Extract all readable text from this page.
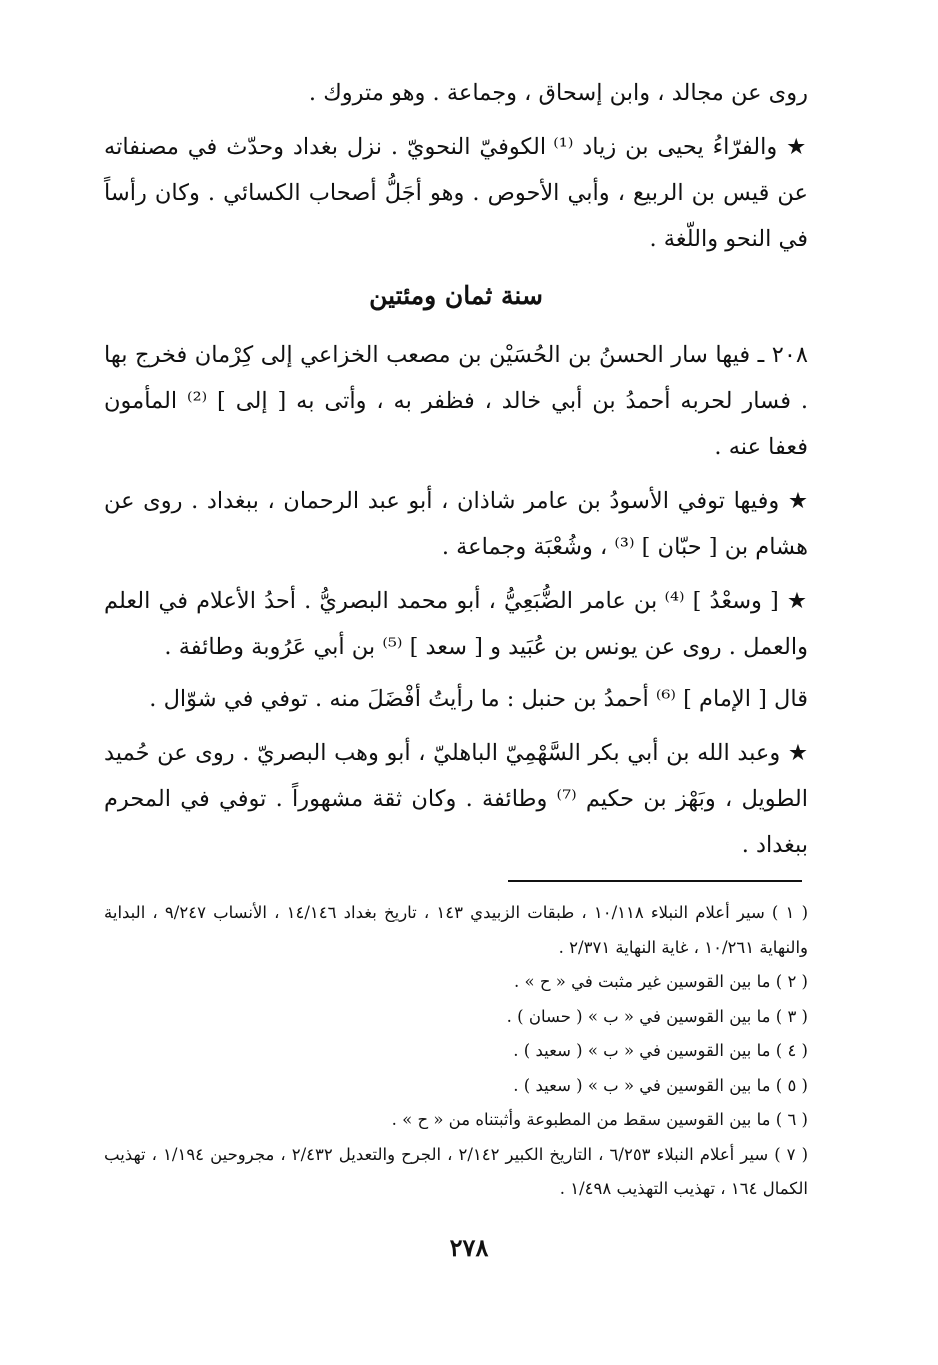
روى عن مجالد ، وابن إسحاق ، وجماعة . وهو متروك .

★ والفرّاءُ يحيى بن زياد ⁽¹⁾ الكوفيّ النحويّ . نزل بغداد وحدّث في مصنفاته عن قيس بن الربيع ، وأبي الأحوص . وهو أجَلُّ أصحاب الكسائي . وكان رأساً في النحو واللّغة .

سنة ثمان ومئتين

٢٠٨ ـ فيها سار الحسنُ بن الحُسَيْن بن مصعب الخزاعي إلى كِرْمان فخرج بها . فسار لحربه أحمدُ بن أبي خالد ، فظفر به ، وأتى به [ إلى ] ⁽²⁾ المأمون فعفا عنه .

★ وفيها توفي الأسودُ بن عامر شاذان ، أبو عبد الرحمان ، ببغداد . روى عن هشام بن [ حبّان ] ⁽³⁾ ، وشُعْبَة وجماعة .

★ [ وسعْدُ ] ⁽⁴⁾ بن عامر الضُّبَعِيُّ ، أبو محمد البصريُّ . أحدُ الأعلام في العلم والعمل . روى عن يونس بن عُبَيد و [ سعد ] ⁽⁵⁾ بن أبي عَرُوبة وطائفة .

قال [ الإمام ] ⁽⁶⁾ أحمدُ بن حنبل : ما رأيتُ أفْضَلَ منه . توفي في شوّال .

★ وعبد الله بن أبي بكر السَّهْمِيّ الباهليّ ، أبو وهب البصريّ . روى عن حُميد الطويل ، وبَهْز بن حكيم ⁽⁷⁾ وطائفة . وكان ثقة مشهوراً . توفي في المحرم ببغداد .

( ١ ) سير أعلام النبلاء ١٠/١١٨ ، طبقات الزبيدي ١٤٣ ، تاريخ بغداد ١٤/١٤٦ ، الأنساب ٩/٢٤٧ ، البداية والنهاية ١٠/٢٦١ ، غاية النهاية ٢/٣٧١ .

( ٢ ) ما بين القوسين غير مثبت في « ح » .

( ٣ ) ما بين القوسين في « ب » ( حسان ) .

( ٤ ) ما بين القوسين في « ب » ( سعيد ) .

( ٥ ) ما بين القوسين في « ب » ( سعيد ) .

( ٦ ) ما بين القوسين سقط من المطبوعة وأثبتناه من « ح » .

( ٧ ) سير أعلام النبلاء ٦/٢٥٣ ، التاريخ الكبير ٢/١٤٢ ، الجرح والتعديل ٢/٤٣٢ ، مجروحين ١/١٩٤ ، تهذيب الكمال ١٦٤ ، تهذيب التهذيب ١/٤٩٨ .

٢٧٨
